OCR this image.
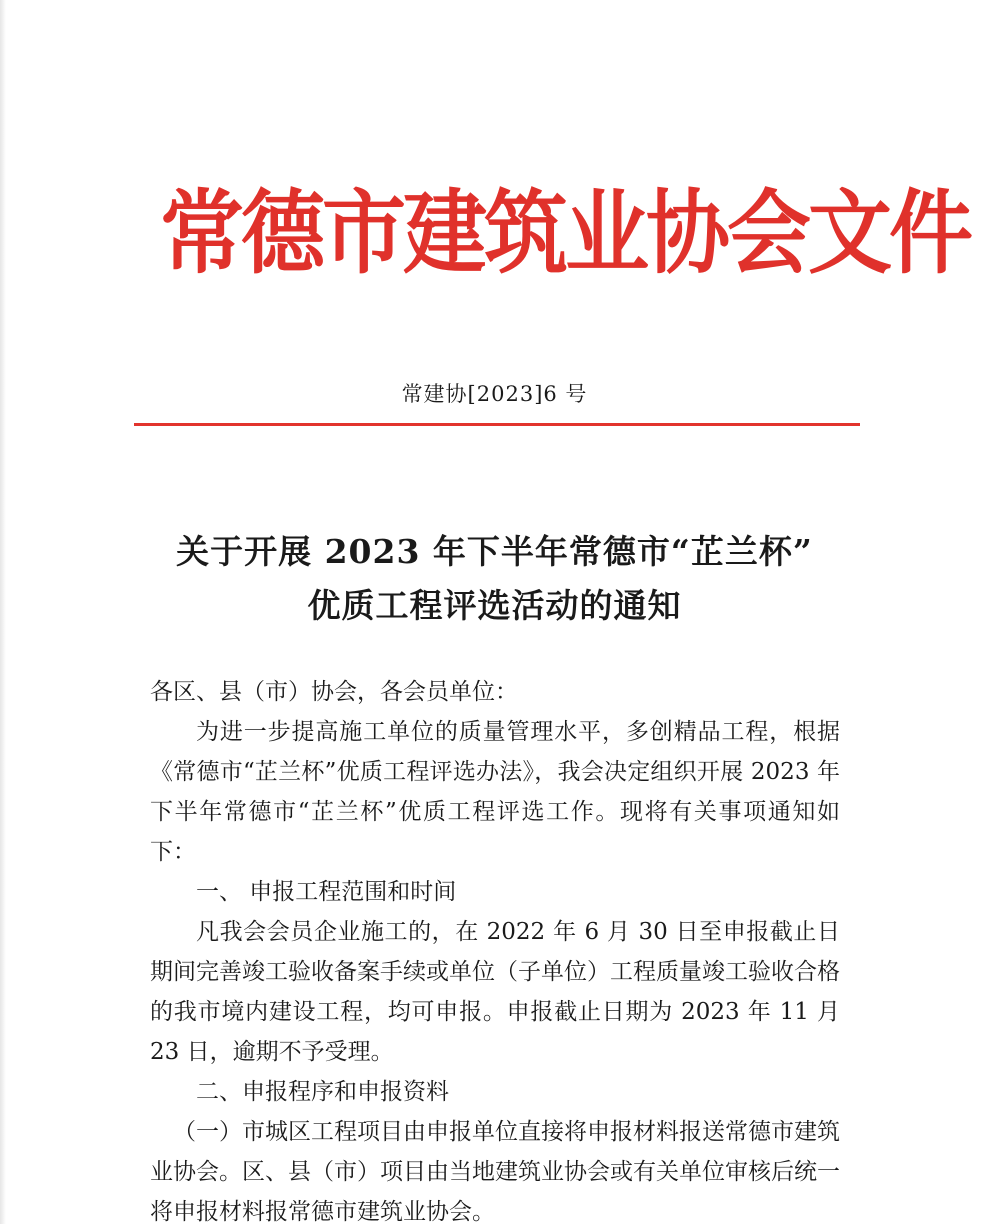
常德市建筑业协会文件
常建协[2023]6 号
关于开展 2023 年下半年常德市“芷兰杯”
优质工程评选活动的通知

各区、县（市）协会，各会员单位：

为进一步提高施工单位的质量管理水平，多创精品工程，根据《常德市“芷兰杯”优质工程评选办法》，我会决定组织开展 2023 年下半年常德市“芷兰杯”优质工程评选工作。现将有关事项通知如下：

一、 申报工程范围和时间

凡我会会员企业施工的，在 2022 年 6 月 30 日至申报截止日期间完善竣工验收备案手续或单位（子单位）工程质量竣工验收合格的我市境内建设工程，均可申报。申报截止日期为 2023 年 11 月 23 日，逾期不予受理。

二、申报程序和申报资料

（一）市城区工程项目由申报单位直接将申报材料报送常德市建筑业协会。区、县（市）项目由当地建筑业协会或有关单位审核后统一将申报材料报常德市建筑业协会。
